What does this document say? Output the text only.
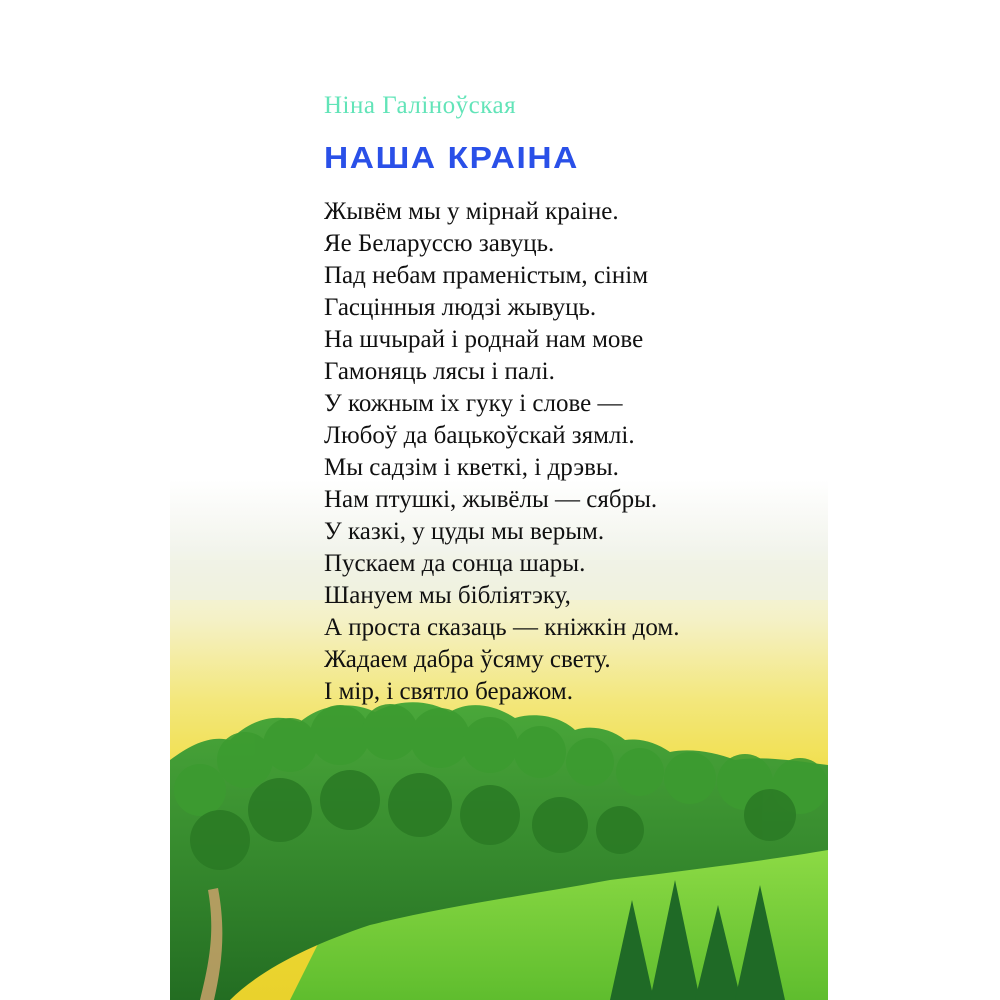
Ніна Галіноўская

НАША КРАІНА
Жывём мы у мірнай краіне.
Яе Беларуссю завуць.
Пад небам праменістым, сінім
Гасцінныя людзі жывуць.
На шчырай і роднай нам мове
Гамоняць лясы і палі.
У кожным іх гуку і слове —
Любоў да бацькоўскай зямлі.
Мы садзім і кветкі, і дрэвы.
Нам птушкі, жывёлы — сябры.
У казкі, у цуды мы верым.
Пускаем да сонца шары.
Шануем мы бібліятэку,
А проста сказаць — кніжкін дом.
Жадаем дабра ўсяму свету.
І мір, і святло беражом.
